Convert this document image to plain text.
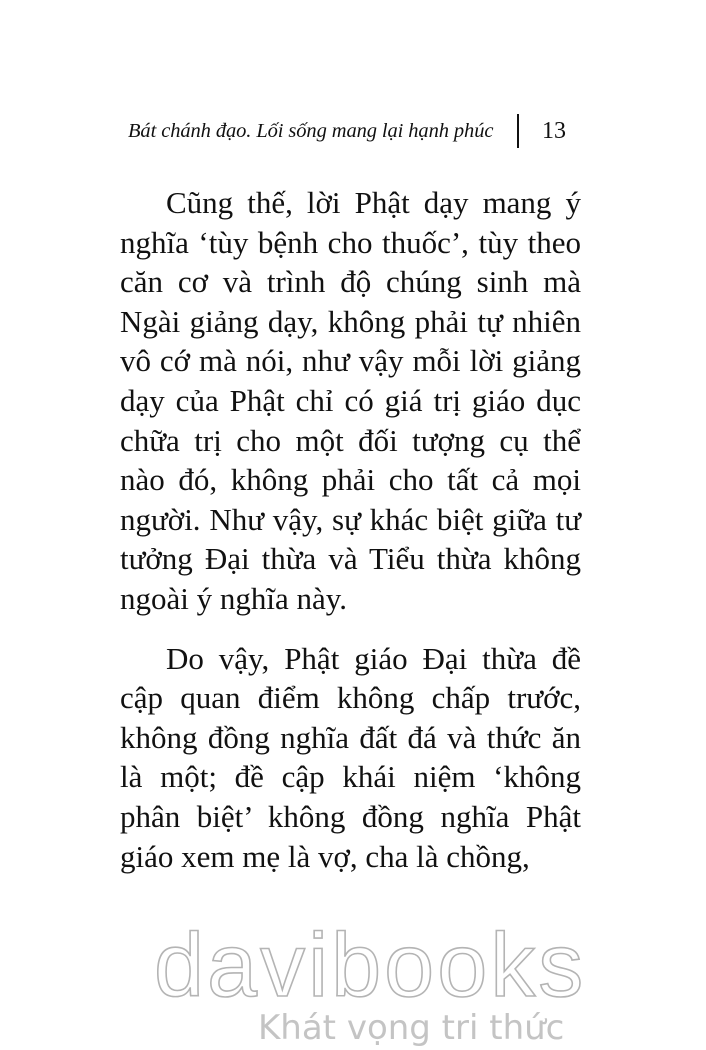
Bát chánh đạo. Lối sống mang lại hạnh phúc 13

Cũng thế, lời Phật dạy mang ý nghĩa ‘tùy bệnh cho thuốc’, tùy theo căn cơ và trình độ chúng sinh mà Ngài giảng dạy, không phải tự nhiên vô cớ mà nói, như vậy mỗi lời giảng dạy của Phật chỉ có giá trị giáo dục chữa trị cho một đối tượng cụ thể nào đó, không phải cho tất cả mọi người. Như vậy, sự khác biệt giữa tư tưởng Đại thừa và Tiểu thừa không ngoài ý nghĩa này.

Do vậy, Phật giáo Đại thừa đề cập quan điểm không chấp trước, không đồng nghĩa đất đá và thức ăn là một; đề cập khái niệm ‘không phân biệt’ không đồng nghĩa Phật giáo xem mẹ là vợ, cha là chồng,

davibooks
Khát vọng tri thức
